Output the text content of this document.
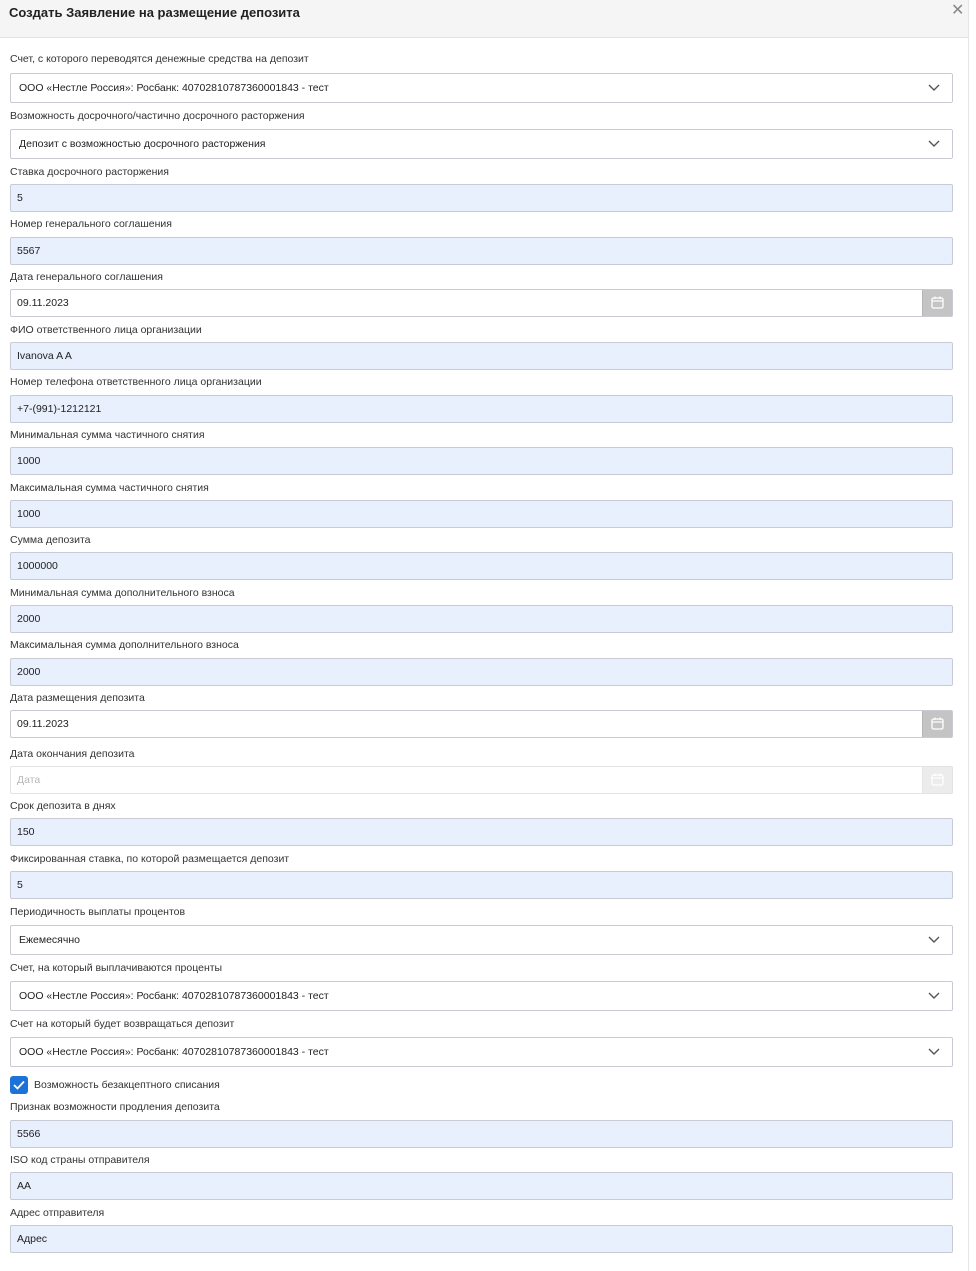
Создать Заявление на размещение депозита	✕
Счет, с которого переводятся денежные средства на депозит
ООО «Нестле Россия»: Росбанк: 40702810787360001843 - тест
Возможность досрочного/частично досрочного расторжения
Депозит с возможностью досрочного расторжения
Ставка досрочного расторжения
5
Номер генерального соглашения
5567
Дата генерального соглашения
09.11.2023
ФИО ответственного лица организации
Ivanova A A
Номер телефона ответственного лица организации
+7-(991)-1212121
Минимальная сумма частичного снятия
1000
Максимальная сумма частичного снятия
1000
Сумма депозита
1000000
Минимальная сумма дополнительного взноса
2000
Максимальная сумма дополнительного взноса
2000
Дата размещения депозита
09.11.2023
Дата окончания депозита
Дата
Срок депозита в днях
150
Фиксированная ставка, по которой размещается депозит
5
Периодичность выплаты процентов
Ежемесячно
Счет, на который выплачиваются проценты
ООО «Нестле Россия»: Росбанк: 40702810787360001843 - тест
Счет на который будет возвращаться депозит
ООО «Нестле Россия»: Росбанк: 40702810787360001843 - тест
Возможность безакцептного списания
Признак возможности продления депозита
5566
ISO код страны отправителя
AA
Адрес отправителя
Адрес
